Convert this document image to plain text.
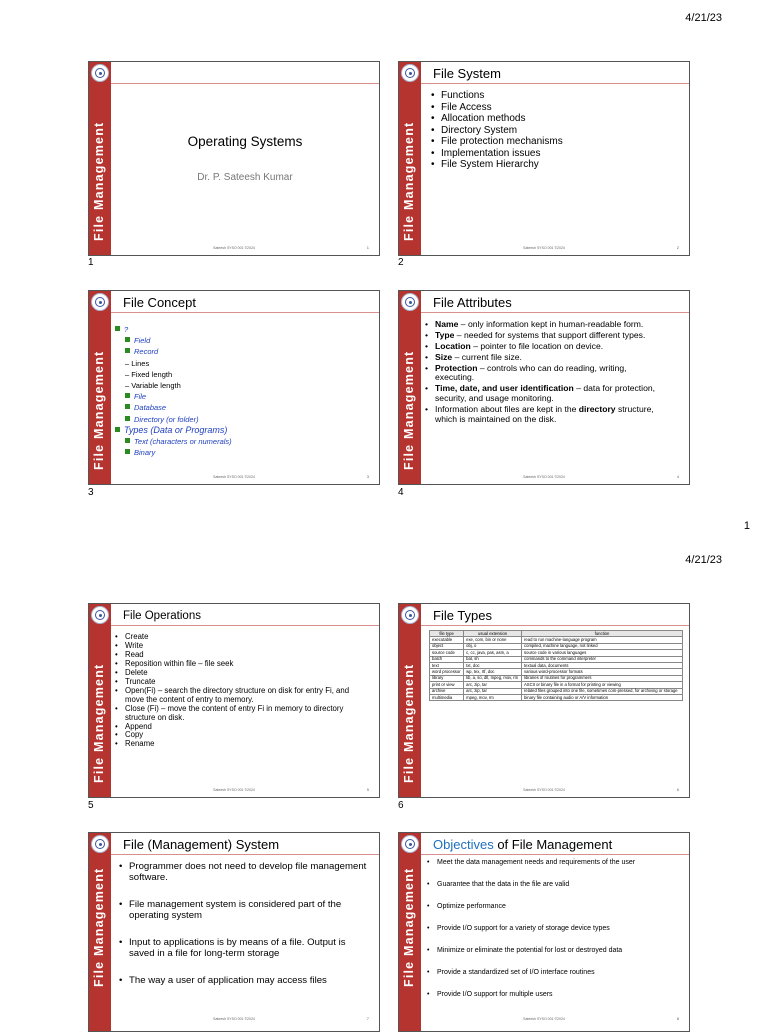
4/21/23
File Management	Operating Systems
Dr. P. Sateesh Kumar
Sateesh SYSO 001 ©2024	1
1
File Management
File System
• Functions
• File Access
• Allocation methods
• Directory System
• File protection mechanisms
• Implementation issues
• File System Hierarchy
Sateesh SYSO 001 ©2024	2
2
File Management
File Concept
?
Field
Record
– Lines
– Fixed length
– Variable length
File
Database
Directory (or folder)
Types (Data or Programs)
Text (characters or numerals)
Binary
Sateesh SYSO 001 ©2024	3
3
File Management
File Attributes
• Name – only information kept in human-readable form.
• Type – needed for systems that support different types.
• Location – pointer to file location on device.
• Size – current file size.
• Protection – controls who can do reading, writing, executing.
• Time, date, and user identification – data for protection, security, and usage monitoring.
• Information about files are kept in the directory structure, which is maintained on the disk.
Sateesh SYSO 001 ©2024	4
4
1
4/21/23
File Management
File Operations
• Create
• Write
• Read
• Reposition within file – file seek
• Delete
• Truncate
• Open(Fi) – search the directory structure on disk for entry Fi, and move the content of entry to memory.
• Close (Fi) – move the content of entry Fi in memory to directory structure on disk.
• Append
• Copy
• Rename
Sateesh SYSO 001 ©2024	5
5
File Management
File Types
file type	usual extension	function
executable	exe, com, bin or none	read to run machine-language program
object	obj, o	compiled, machine language, not linked
source code	c, cc, java, pas, asm, a	source code in various languages
batch	bat, sh	commands to the command interpreter
text	txt, doc	textual data, documents
word processor	wp, tex, rtf, doc	various word-processor formats
library	lib, a, so, dll, mpeg, mov, rm	libraries of routines for programmers
print or view	arc, zip, tar	ASCII or binary file in a format for printing or viewing
archive	arc, zip, tar	related files grouped into one file, sometimes com-pressed, for archiving or storage
multimedia	mpeg, mov, rm	binary file containing audio or A/V information
Sateesh SYSO 001 ©2024	6
6
File Management
File (Management) System
• Programmer does not need to develop file management software.
• File management system is considered part of the operating system
• Input to applications is by means of a file. Output is saved in a file for long-term storage
• The way a user of application may access files
Sateesh SYSO 001 ©2024	7
File Management
Objectives of File Management
• Meet the data management needs and requirements of the user
• Guarantee that the data in the file are valid
• Optimize performance
• Provide I/O support for a variety of storage device types
• Minimize or eliminate the potential for lost or destroyed data
• Provide a standardized set of I/O interface routines
• Provide I/O support for multiple users
Sateesh SYSO 001 ©2024	8
